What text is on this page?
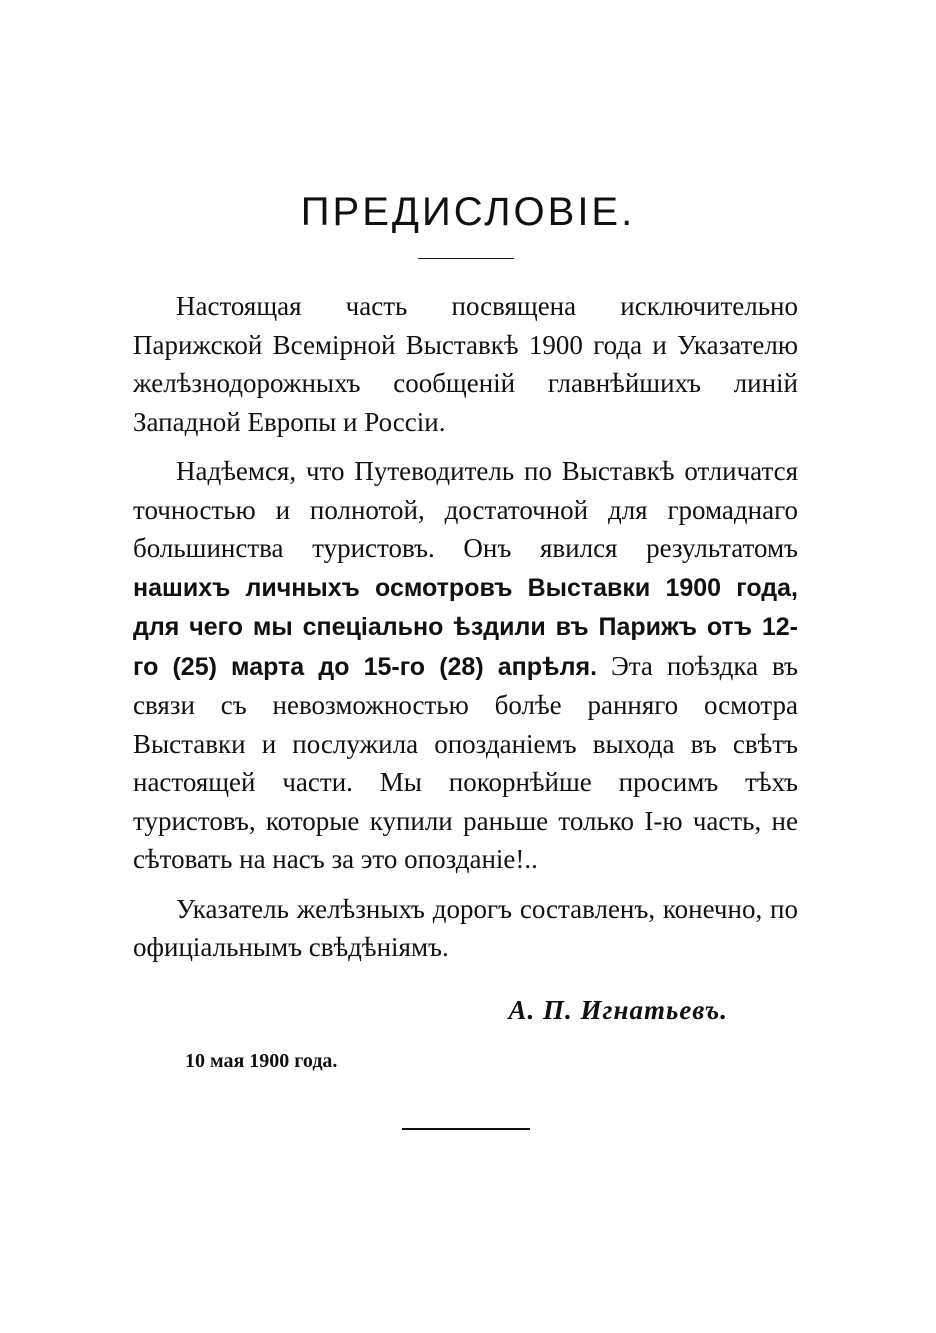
ПРЕДИСЛОВІЕ.

Настоящая часть посвящена исключительно Парижской Всемірной Выставкѣ 1900 года и Указателю желѣзнодорожныхъ сообщеній главнѣйшихъ линій Западной Европы и Россіи.

Надѣемся, что Путеводитель по Выставкѣ отличатся точностью и полнотой, достаточной для громаднаго большинства туристовъ. Онъ явился результатомъ нашихъ личныхъ осмотровъ Выставки 1900 года, для чего мы спеціально ѣздили въ Парижъ отъ 12-го (25) марта до 15-го (28) апрѣля. Эта поѣздка въ связи съ невозможностью болѣе ранняго осмотра Выставки и послужила опозданіемъ выхода въ свѣтъ настоящей части. Мы покорнѣйше просимъ тѣхъ туристовъ, которые купили раньше только I-ю часть, не сѣтовать на насъ за это опозданіе!..

Указатель желѣзныхъ дорогъ составленъ, конечно, по офиціальнымъ свѣдѣніямъ.

А. П. Игнатьевъ.
10 мая 1900 года.
